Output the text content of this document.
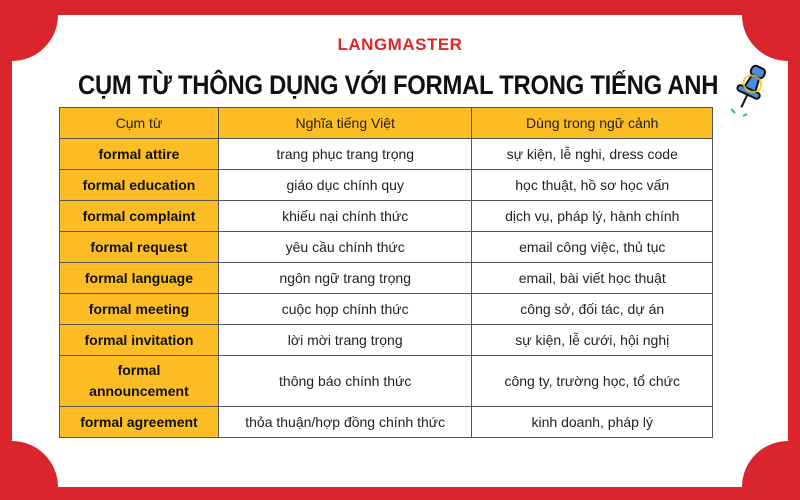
LANGMASTER
CỤM TỪ THÔNG DỤNG VỚI FORMAL TRONG TIẾNG ANH
Cụm từ	Nghĩa tiếng Việt	Dùng trong ngữ cảnh
formal attire	trang phục trang trọng	sự kiện, lễ nghi, dress code
formal education	giáo dục chính quy	học thuật, hồ sơ học vấn
formal complaint	khiếu nại chính thức	dịch vụ, pháp lý, hành chính
formal request	yêu cầu chính thức	email công việc, thủ tục
formal language	ngôn ngữ trang trọng	email, bài viết học thuật
formal meeting	cuộc họp chính thức	công sở, đối tác, dự án
formal invitation	lời mời trang trọng	sự kiện, lễ cưới, hội nghị
formal announcement	thông báo chính thức	công ty, trường học, tổ chức
formal agreement	thỏa thuận/hợp đồng chính thức	kinh doanh, pháp lý
